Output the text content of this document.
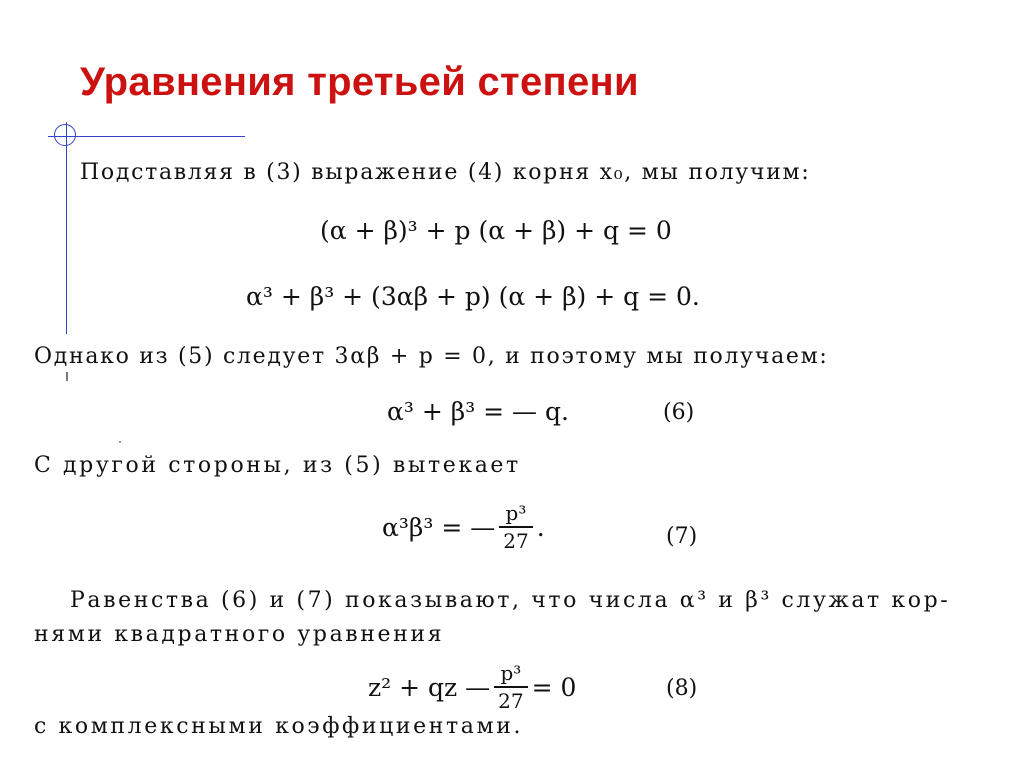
Уравнения третьей степени
Подставляя в (3) выражение (4) корня x₀, мы получим:
(α + β)³ + p (α + β) + q = 0
α³ + β³ + (3αβ + p) (α + β) + q = 0.
Однако из (5) следует 3αβ + p = 0, и поэтому мы получаем:
α³ + β³ = — q.	(6)
С другой стороны, из (5) вытекает
α³β³ = — $\frac{\text{p³}}{27}$ .	(7)
Равенства (6) и (7) показывают, что числа α³ и β³ служат кор-
нями квадратного уравнения
z² + qz — $\frac{\text{p³}}{27} = 0$	(8)
с комплексными коэффициентами.
